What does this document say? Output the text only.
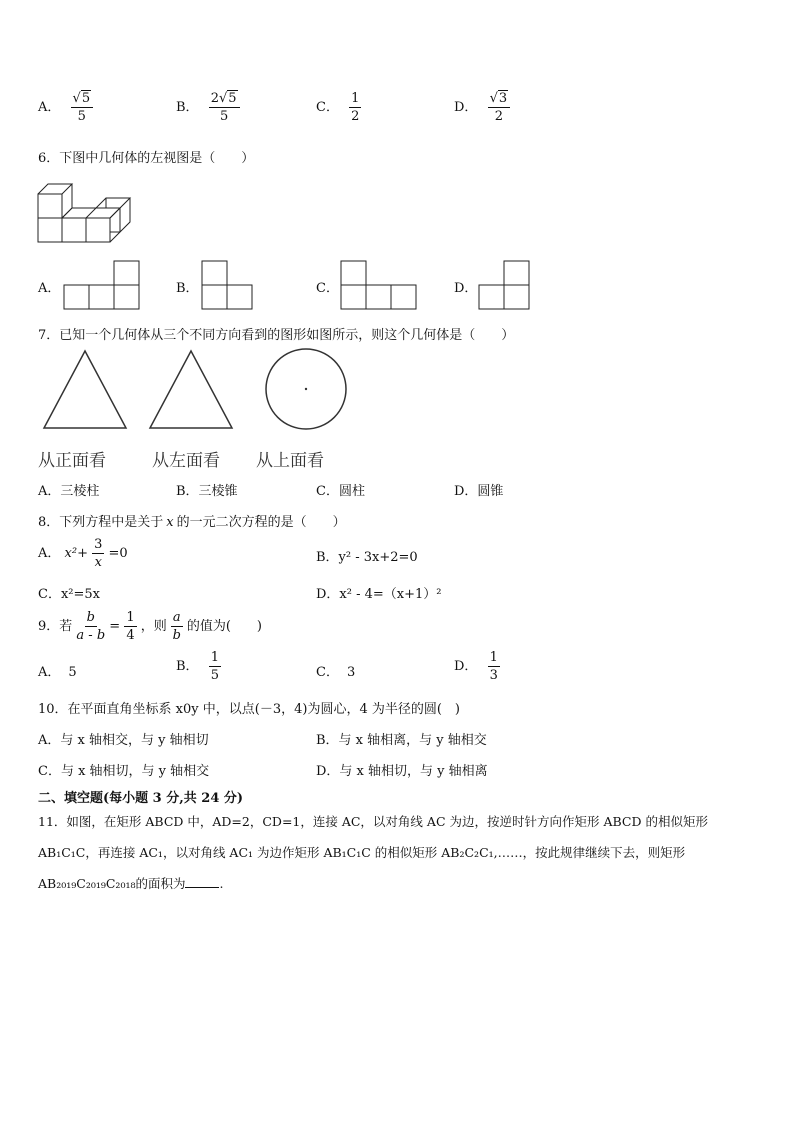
A． $\frac{√5}{5}$	B． $\frac{2√5}{5}$	C． $\frac{1}{2}$	D． $\frac{√3}{2}$
6．下图中几何体的左视图是（　　）
A．	B．	C．	D．
7．已知一个几何体从三个不同方向看到的图形如图所示，则这个几何体是（　　）
从正面看	从左面看 从上面看
A．三棱柱	B．三棱锥	C．圆柱	D．圆锥
8．下列方程中是关于 x 的一元二次方程的是（　　）
A． $x^2+ \frac{3}{x} =0$	B．y² - 3x+2=0
C．x²=5x	D．x² - 4=（x+1）²
9．若 $\frac{b}{a - b} = \frac{1}{4}$ ，则 $\frac{a}{b}$ 的值为(　　)
A． 5	B． $\frac{1}{5}$	C． 3	D． $\frac{1}{3}$
10．在平面直角坐标系 x0y 中，以点(－3，4)为圆心，4 为半径的圆(　)
A．与 x 轴相交，与 y 轴相切	B．与 x 轴相离，与 y 轴相交
C．与 x 轴相切，与 y 轴相交	D．与 x 轴相切，与 y 轴相离
二、填空题(每小题 3 分,共 24 分)
11．如图，在矩形 ABCD 中，AD=2，CD=1，连接 AC，以对角线 AC 为边，按逆时针方向作矩形 ABCD 的相似矩形
AB₁C₁C，再连接 AC₁，以对角线 AC₁ 为边作矩形 AB₁C₁C 的相似矩形 AB₂C₂C₁,……，按此规律继续下去，则矩形
AB₂₀₁₉C₂₀₁₉C₂₀₁₈的面积为	.
